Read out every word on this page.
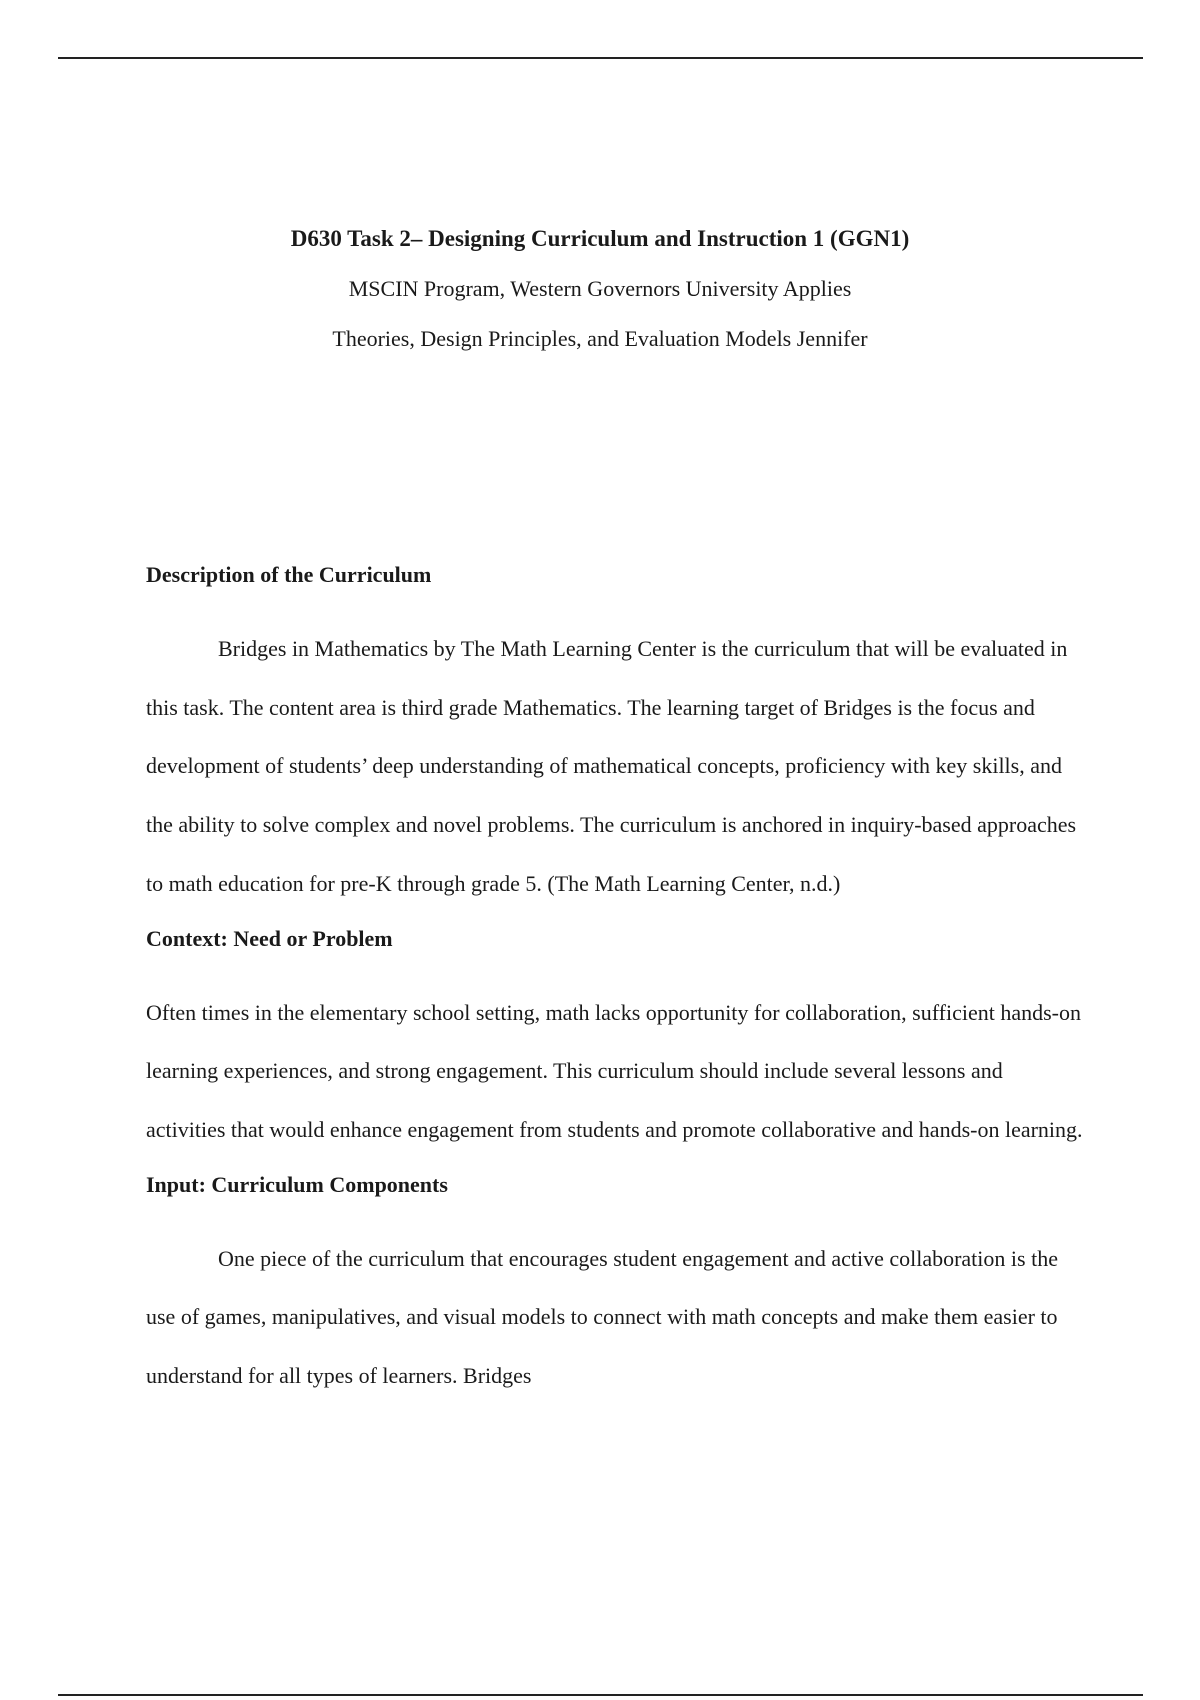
D630 Task 2– Designing Curriculum and Instruction 1 (GGN1)

MSCIN Program, Western Governors University Applies

Theories, Design Principles, and Evaluation Models Jennifer

Description of the Curriculum

Bridges in Mathematics by The Math Learning Center is the curriculum that will be evaluated in this task. The content area is third grade Mathematics. The learning target of Bridges is the focus and development of students’ deep understanding of mathematical concepts, proficiency with key skills, and the ability to solve complex and novel problems. The curriculum is anchored in inquiry-based approaches to math education for pre-K through grade 5. (The Math Learning Center, n.d.)

Context: Need or Problem

Often times in the elementary school setting, math lacks opportunity for collaboration, sufficient hands-on learning experiences, and strong engagement. This curriculum should include several lessons and activities that would enhance engagement from students and promote collaborative and hands-on learning.

Input: Curriculum Components

One piece of the curriculum that encourages student engagement and active collaboration is the use of games, manipulatives, and visual models to connect with math concepts and make them easier to understand for all types of learners. Bridges
